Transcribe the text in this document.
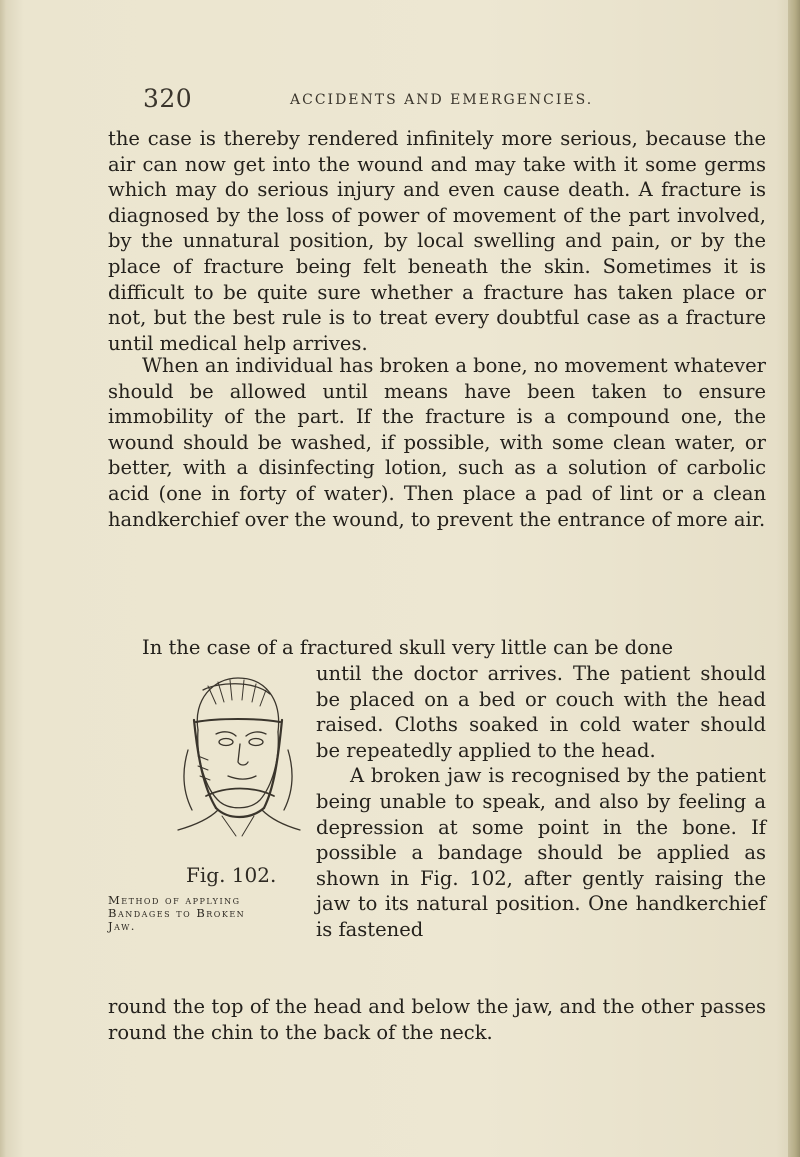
320	ACCIDENTS AND EMERGENCIES.
the case is thereby rendered infinitely more serious, because the air can now get into the wound and may take with it some germs which may do serious injury and even cause death. A fracture is diagnosed by the loss of power of movement of the part involved, by the unnatural position, by local swelling and pain, or by the place of fracture being felt beneath the skin. Sometimes it is difficult to be quite sure whether a fracture has taken place or not, but the best rule is to treat every doubtful case as a fracture until medical help arrives.
When an individual has broken a bone, no movement whatever should be allowed until means have been taken to ensure immobility of the part. If the fracture is a compound one, the wound should be washed, if possible, with some clean water, or better, with a disinfecting lotion, such as a solution of carbolic acid (one in forty of water). Then place a pad of lint or a clean handkerchief over the wound, to prevent the entrance of more air.
In the case of a fractured skull very little can be done
Fig. 102.
Method of applying
Bandages to Broken
Jaw.

until the doctor arrives. The patient should be placed on a bed or couch with the head raised. Cloths soaked in cold water should be repeatedly applied to the head.

A broken jaw is recognised by the patient being unable to speak, and also by feeling a depression at some point in the bone. If possible a bandage should be applied as shown in Fig. 102, after gently raising the jaw to its natural position. One handkerchief is fastened

round the top of the head and below the jaw, and the other passes round the chin to the back of the neck.
